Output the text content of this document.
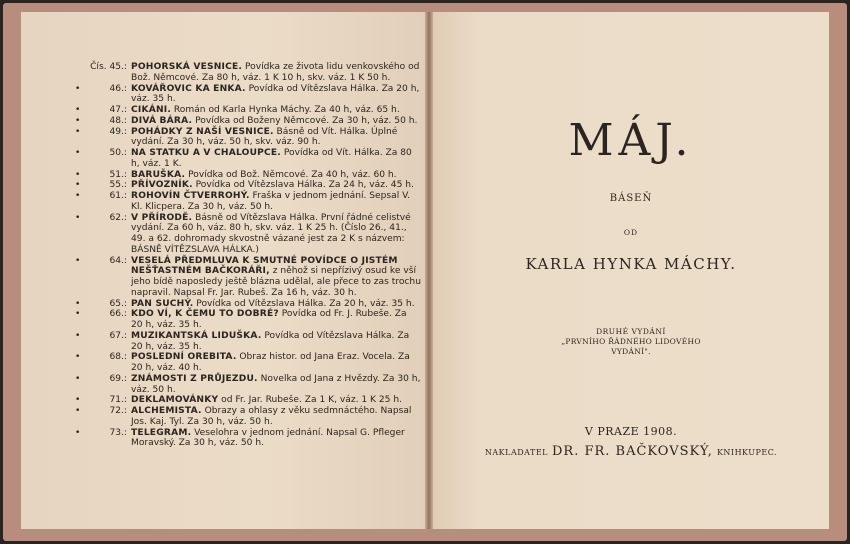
Čís. 45.: POHORSKÁ VESNICE. Povídka ze života lidu venkovského od Bož. Němcové. Za 80 h, váz. 1 K 10 h, skv. váz. 1 K 50 h.
•	46.: KOVÁŘOVIC KA ENKA. Povídka od Vítězslava Hálka. Za 20 h, váz. 35 h.
•	47.: CIKÁNI. Román od Karla Hynka Máchy. Za 40 h, váz. 65 h.
•	48.: DIVÁ BÁRA. Povídka od Boženy Němcové. Za 30 h, váz. 50 h.
•	49.: POHÁDKY Z NAŠÍ VESNICE. Básně od Vít. Hálka. Úplné vydání. Za 30 h, váz. 50 h, skv. váz. 90 h.
•	50.: NA STATKU A V CHALOUPCE. Povídka od Vít. Hálka. Za 80 h, váz. 1 K.
•	51.: BARUŠKA. Povídka od Bož. Němcové. Za 40 h, váz. 60 h.
•	55.: PŘÍVOZNÍK. Povídka od Vítězslava Hálka. Za 24 h, váz. 45 h.
•	61.: ROHOVÍN ČTVERROHÝ. Fraška v jednom jednání. Sepsal V. Kl. Klicpera. Za 30 h, váz. 50 h.
•	62.: V PŘÍRODĚ. Básně od Vítězslava Hálka. První řádné celistvé vydání. Za 60 h, váz. 80 h, skv. váz. 1 K 25 h. (Číslo 26., 41., 49. a 62. dohromady skvostně vázané jest za 2 K s názvem: BÁSNĚ VÍTĚZSLAVA HÁLKA.)
•	64.: VESELÁ PŘEDMLUVA K SMUTNÉ POVÍDCE O JISTÉM NEŠŤASTNÉM BAČKORÁŘI, z něhož si nepřízivý osud ke vší jeho bídě naposledy ještě blázna udělal, ale přece to zas trochu napravil. Napsal Fr. Jar. Rubeš. Za 16 h, váz. 30 h.
•	65.: PAN SUCHÝ. Povídka od Vítězslava Hálka. Za 20 h, váz. 35 h.
•	66.: KDO VÍ, K ČEMU TO DOBRÉ? Povídka od Fr. J. Rubeše. Za 20 h, váz. 35 h.
•	67.: MUZIKANTSKÁ LIDUŠKA. Povídka od Vítězslava Hálka. Za 20 h, váz. 35 h.
•	68.: POSLEDNÍ OREBITA. Obraz histor. od Jana Eraz. Vocela. Za 20 h, váz. 40 h.
•	69.: ZNÁMOSTI Z PRŮJEZDU. Novelka od Jana z Hvězdy. Za 30 h, váz. 50 h.
•	71.: DEKLAMOVÁNKY od Fr. Jar. Rubeše. Za 1 K, váz. 1 K 25 h.
•	72.: ALCHEMISTA. Obrazy a ohlasy z věku sedmnáctého. Napsal Jos. Kaj. Tyl. Za 30 h, váz. 50 h.
•	73.: TELEGRAM. Veselohra v jednom jednání. Napsal G. Pfleger Moravský. Za 30 h, váz. 50 h.
MÁJ.
BÁSEŇ
OD
KARLA HYNKA MÁCHY.
DRUHÉ VYDÁNÍ
„PRVNÍHO ŘÁDNÉHO LIDOVÉHO
VYDÁNÍ".
V PRAZE 1908.
NAKLADATEL DR. FR. BAČKOVSKÝ, KNIHKUPEC.
